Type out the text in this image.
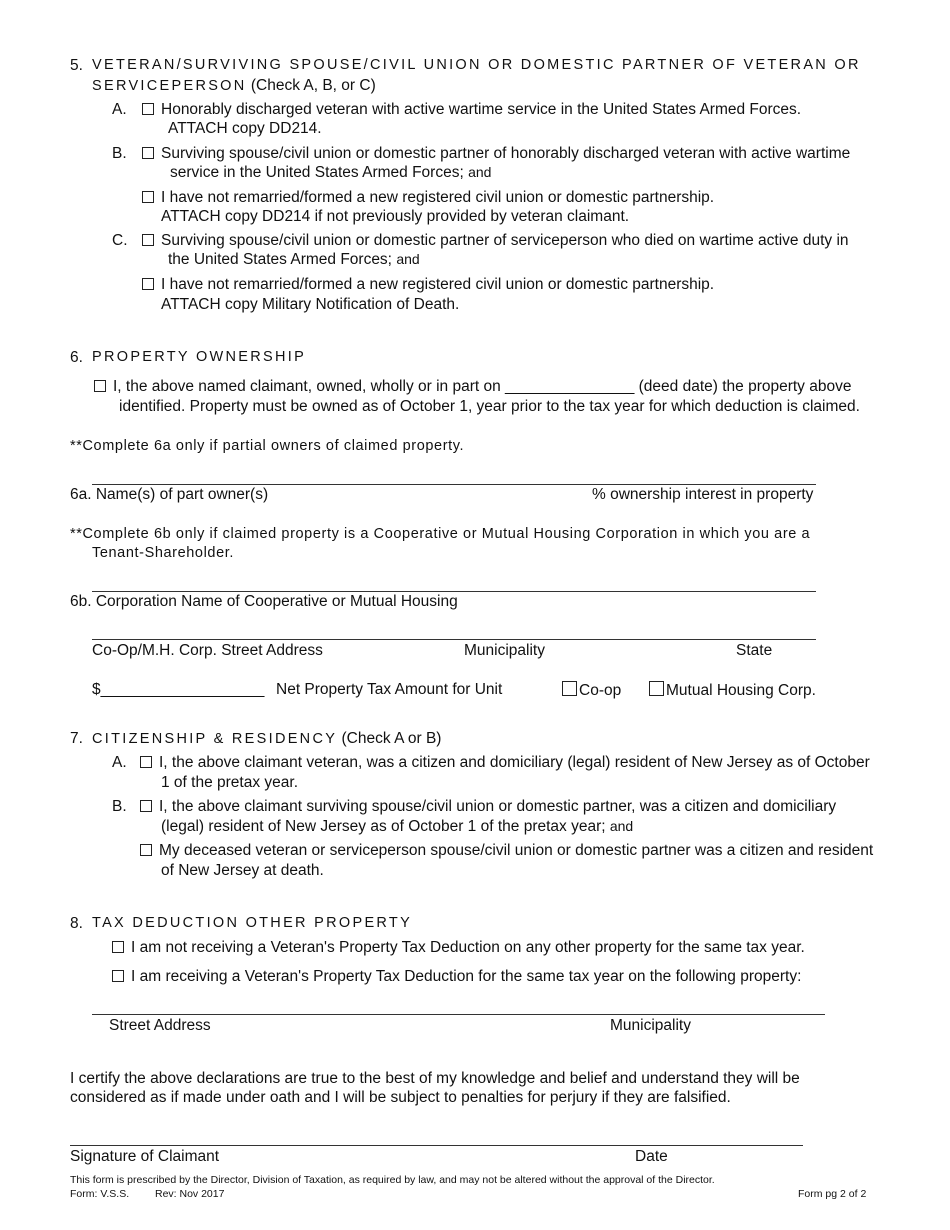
5. VETERAN/SURVIVING SPOUSE/CIVIL UNION OR DOMESTIC PARTNER OF VETERAN OR
SERVICEPERSON (Check A, B, or C)
A.	Honorably discharged veteran with active wartime service in the United States Armed Forces.
ATTACH copy DD214.
B.	Surviving spouse/civil union or domestic partner of honorably discharged veteran with active wartime
service in the United States Armed Forces; and
I have not remarried/formed a new registered civil union or domestic partnership.
ATTACH copy DD214 if not previously provided by veteran claimant.
C.	Surviving spouse/civil union or domestic partner of serviceperson who died on wartime active duty in
the United States Armed Forces; and
I have not remarried/formed a new registered civil union or domestic partnership.
ATTACH copy Military Notification of Death.
6. PROPERTY OWNERSHIP
I, the above named claimant, owned, wholly or in part on _______________ (deed date) the property above
identified. Property must be owned as of October 1, year prior to the tax year for which deduction is claimed.
**Complete 6a only if partial owners of claimed property.
6a. Name(s) of part owner(s)	% ownership interest in property
**Complete 6b only if claimed property is a Cooperative or Mutual Housing Corporation in which you are a
Tenant-Shareholder.
6b. Corporation Name of Cooperative or Mutual Housing
Co-Op/M.H. Corp. Street Address	Municipality	State
$___________________ Net Property Tax Amount for Unit	Co-op	Mutual Housing Corp.
7. CITIZENSHIP & RESIDENCY (Check A or B)
A.	I, the above claimant veteran, was a citizen and domiciliary (legal) resident of New Jersey as of October
1 of the pretax year.
B.	I, the above claimant surviving spouse/civil union or domestic partner, was a citizen and domiciliary
(legal) resident of New Jersey as of October 1 of the pretax year; and
My deceased veteran or serviceperson spouse/civil union or domestic partner was a citizen and resident
of New Jersey at death.
8. TAX DEDUCTION OTHER PROPERTY
I am not receiving a Veteran's Property Tax Deduction on any other property for the same tax year.
I am receiving a Veteran's Property Tax Deduction for the same tax year on the following property:
Street Address	Municipality
I certify the above declarations are true to the best of my knowledge and belief and understand they will be
considered as if made under oath and I will be subject to penalties for perjury if they are falsified.
Signature of Claimant	Date
This form is prescribed by the Director, Division of Taxation, as required by law, and may not be altered without the approval of the Director.
Form: V.S.S. Rev: Nov 2017	Form pg 2 of 2
